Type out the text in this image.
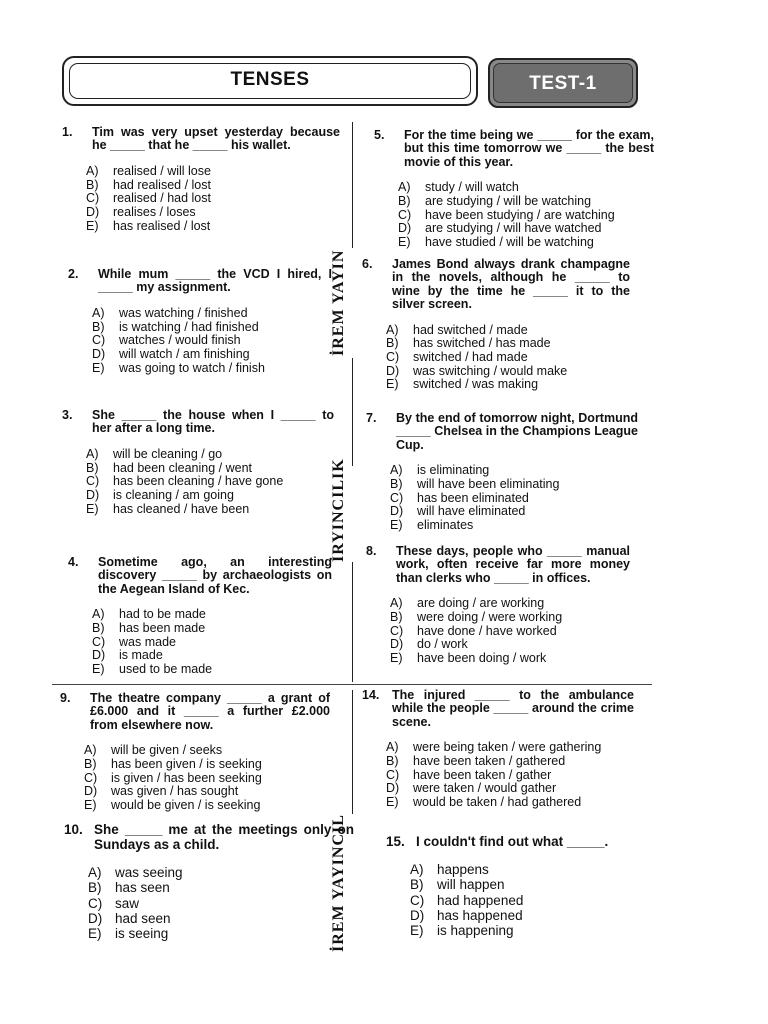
TENSES	TEST-1
İREM YAYIN
İRYINCILIK
İREM YAYINCIL
1. Tim was very upset yesterday because he _____ that he _____ his wallet.
A) realised / will lose
B) had realised / lost
C) realised / had lost
D) realises / loses
E) has realised / lost
2. While mum _____ the VCD I hired, I _____ my assignment.
A) was watching / finished
B) is watching / had finished
C) watches / would finish
D) will watch / am finishing
E) was going to watch / finish
3. She _____ the house when I _____ to her after a long time.
A) will be cleaning / go
B) had been cleaning / went
C) has been cleaning / have gone
D) is cleaning / am going
E) has cleaned / have been
4. Sometime ago, an interesting discovery _____ by archaeologists on the Aegean Island of Kec.
A) had to be made
B) has been made
C) was made
D) is made
E) used to be made
5. For the time being we _____ for the exam, but this time tomorrow we _____ the best movie of this year.
A) study / will watch
B) are studying / will be watching
C) have been studying / are watching
D) are studying / will have watched
E) have studied / will be watching
6. James Bond always drank champagne in the novels, although he _____ to wine by the time he _____ it to the silver screen.
A) had switched / made
B) has switched / has made
C) switched / had made
D) was switching / would make
E) switched / was making
7. By the end of tomorrow night, Dortmund _____ Chelsea in the Champions League Cup.
A) is eliminating
B) will have been eliminating
C) has been eliminated
D) will have eliminated
E) eliminates
8. These days, people who _____ manual work, often receive far more money than clerks who _____ in offices.
A) are doing / are working
B) were doing / were working
C) have done / have worked
D) do / work
E) have been doing / work
9. The theatre company _____ a grant of £6.000 and it _____ a further £2.000 from elsewhere now.
A) will be given / seeks
B) has been given / is seeking
C) is given / has been seeking
D) was given / has sought
E) would be given / is seeking
10. She _____ me at the meetings only on Sundays as a child.
A) was seeing
B) has seen
C) saw
D) had seen
E) is seeing
14. The injured _____ to the ambulance while the people _____ around the crime scene.
A) were being taken / were gathering
B) have been taken / gathered
C) have been taken / gather
D) were taken / would gather
E) would be taken / had gathered
15. I couldn't find out what _____.
A) happens
B) will happen
C) had happened
D) has happened
E) is happening
